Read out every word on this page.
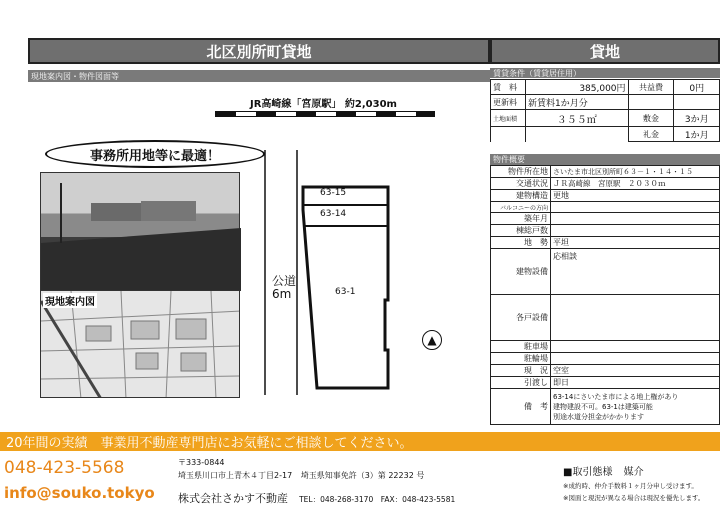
北区別所町貸地
現地案内図・物件図面等
JR高崎線「宮原駅」 約2,030m
事務所用地等に最適！
現地案内図
63-15
63-14
63-1
公道
6m
▲
貸地
賃貸条件（賃貸居住用）
賃　料	385,000円	共益費	0円
更新料	新賃料1か月分		
土地面積	３５５㎡	敷金	3か月
		礼金	1か月
物件概要
物件所在地	さいたま市北区別所町６３－１・１４・１５
交通状況	ＪＲ高崎線　宮原駅　２０３０ｍ
建物構造	更地
バルコニーの方向	
築年月	
棟総戸数	
地　勢	平坦
建物設備	応相談
各戸設備	
駐車場	
駐輪場	
現　況	空室
引渡し	即日
備　考	63-14にさいたま市による地上権があり
建物建設不可。63-1は建築可能
別途水道分担金がかかります
20年間の実績　事業用不動産専門店にお気軽にご相談してください。
048-423-5568
info@souko.tokyo
〒333-0844
埼玉県川口市上青木４丁目2-17 埼玉県知事免許（3）第 22232 号
株式会社さかす不動産 TEL：048-268-3170　FAX：048-423-5581
■取引態様 媒介
※成約時、仲介手数料１ヶ月分申し受けます。
※図面と現況が異なる場合は現況を優先します。
